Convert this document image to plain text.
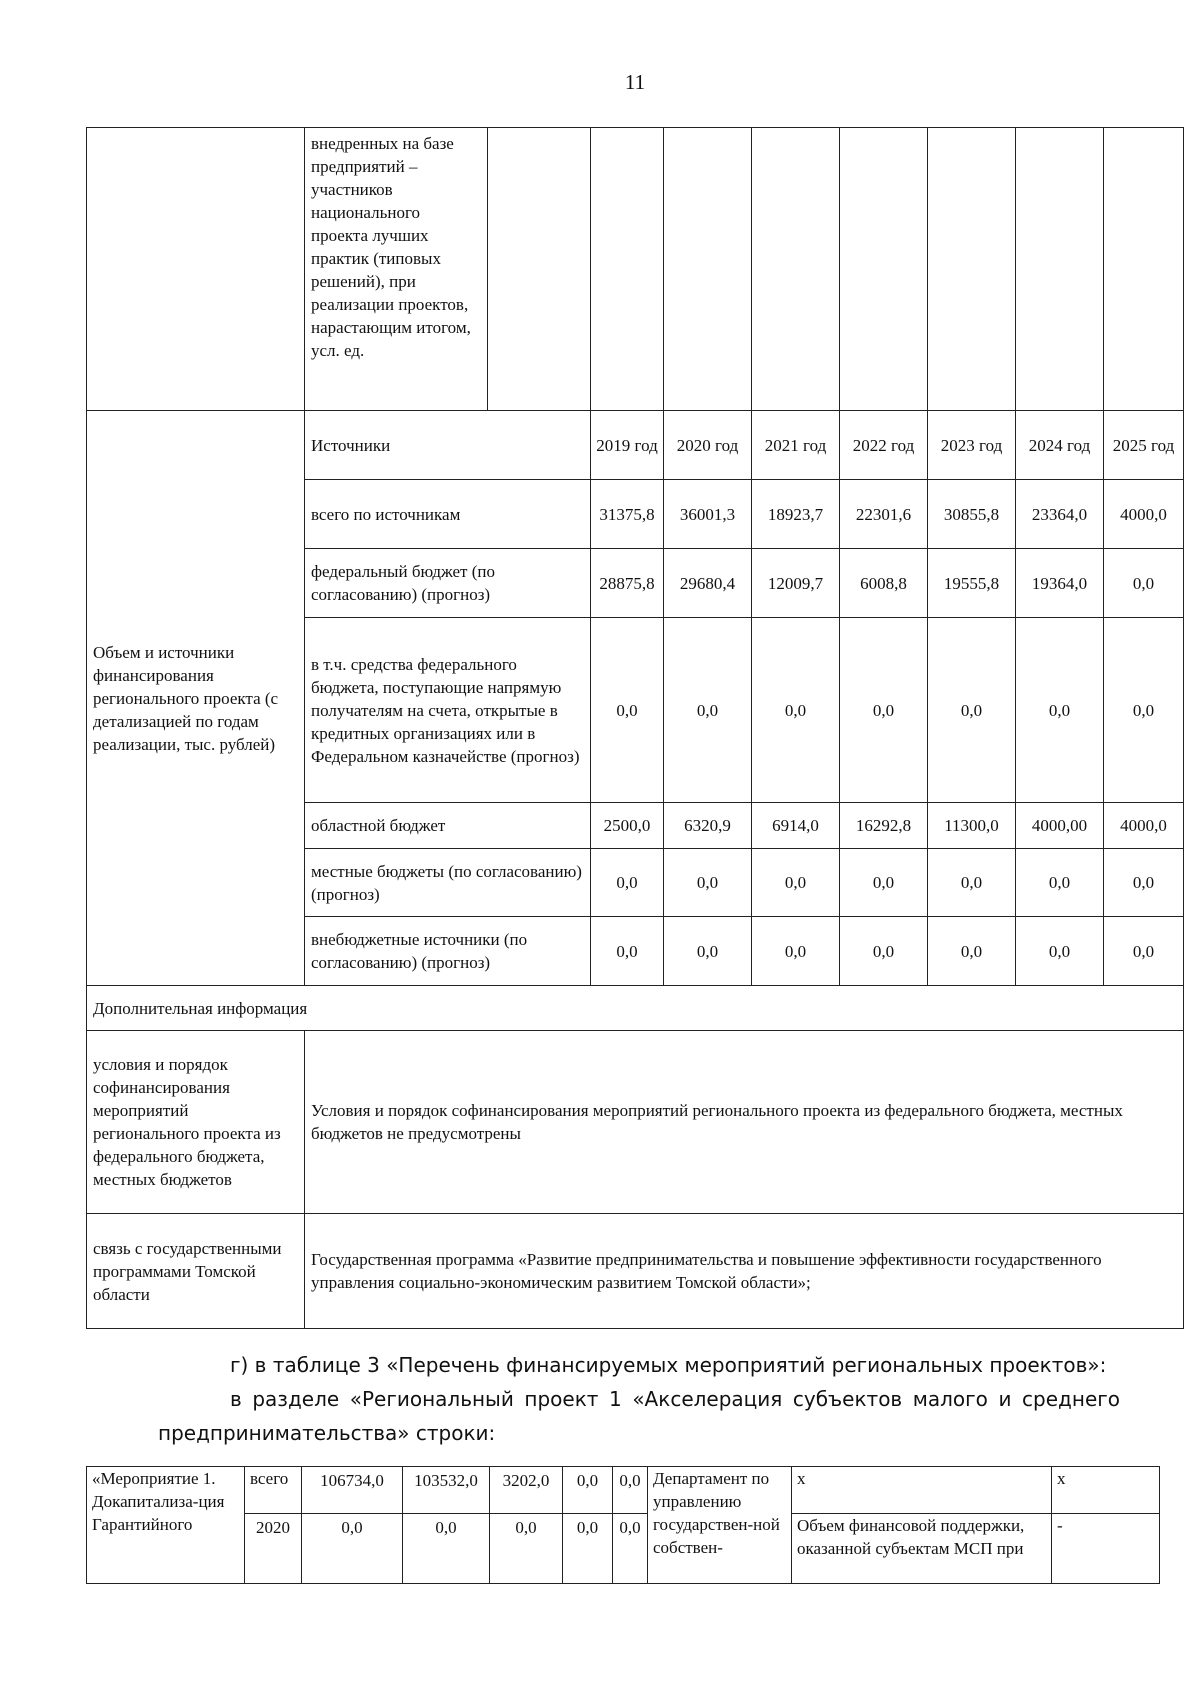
11
	внедренных на базе предприятий – участников национального проекта лучших практик (типовых решений), при реализации проектов, нарастающим итогом, усл. ед.								
Объем и источники финансирования регионального проекта (с детализацией по годам реализации, тыс. рублей)	Источники		2019 год	2020 год	2021 год	2022 год	2023 год	2024 год	2025 год
	всего по источникам		31375,8	36001,3	18923,7	22301,6	30855,8	23364,0	4000,0
	федеральный бюджет (по согласованию) (прогноз)		28875,8	29680,4	12009,7	6008,8	19555,8	19364,0	0,0
	в т.ч. средства федерального бюджета, поступающие напрямую получателям на счета, открытые в кредитных организациях или в Федеральном казначействе (прогноз)		0,0	0,0	0,0	0,0	0,0	0,0	0,0
	областной бюджет		2500,0	6320,9	6914,0	16292,8	11300,0	4000,00	4000,0
	местные бюджеты (по согласованию) (прогноз)		0,0	0,0	0,0	0,0	0,0	0,0	0,0
	внебюджетные источники (по согласованию) (прогноз)		0,0	0,0	0,0	0,0	0,0	0,0	0,0
Дополнительная информация									
условия и порядок софинансирования мероприятий регионального проекта из федерального бюджета, местных бюджетов	Условия и порядок софинансирования мероприятий регионального проекта из федерального бюджета, местных бюджетов не предусмотрены								
связь с государственными программами Томской области	Государственная программа «Развитие предпринимательства и повышение эффективности государственного управления социально-экономическим развитием Томской области»;								
г) в таблице 3 «Перечень финансируемых мероприятий региональных проектов»:
в разделе «Региональный проект 1 «Акселерация субъектов малого и среднего
предпринимательства» строки:
«Мероприятие 1. Докапитализа-ция Гарантийного	всего	106734,0	103532,0	3202,0	0,0	0,0	Департамент по управлению государствен-ной собствен-	х	х
	2020	0,0	0,0	0,0	0,0	0,0		Объем финансовой поддержки, оказанной субъектам МСП при	-
